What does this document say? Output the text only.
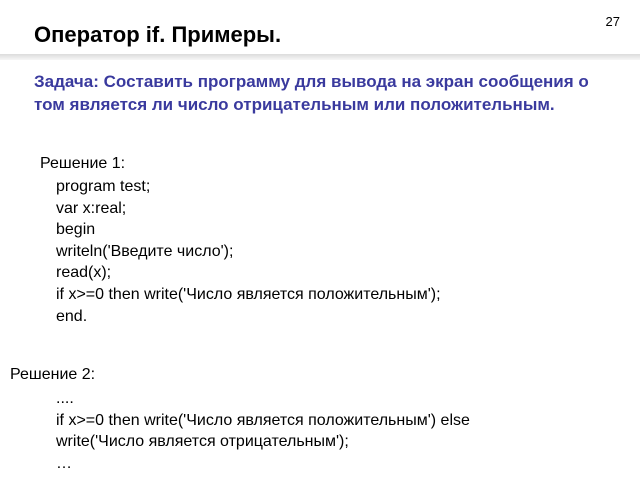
27
Оператор if. Примеры.

Задача: Составить программу для вывода на экран сообщения о том является ли число отрицательным или положительным.

Решение 1:
program test;
var x:real;
begin
writeln('Введите число');
read(x);
if x>=0 then write('Число является положительным');
end.
Решение 2:
....
if x>=0 then write('Число является положительным') else
write('Число является отрицательным');
…
